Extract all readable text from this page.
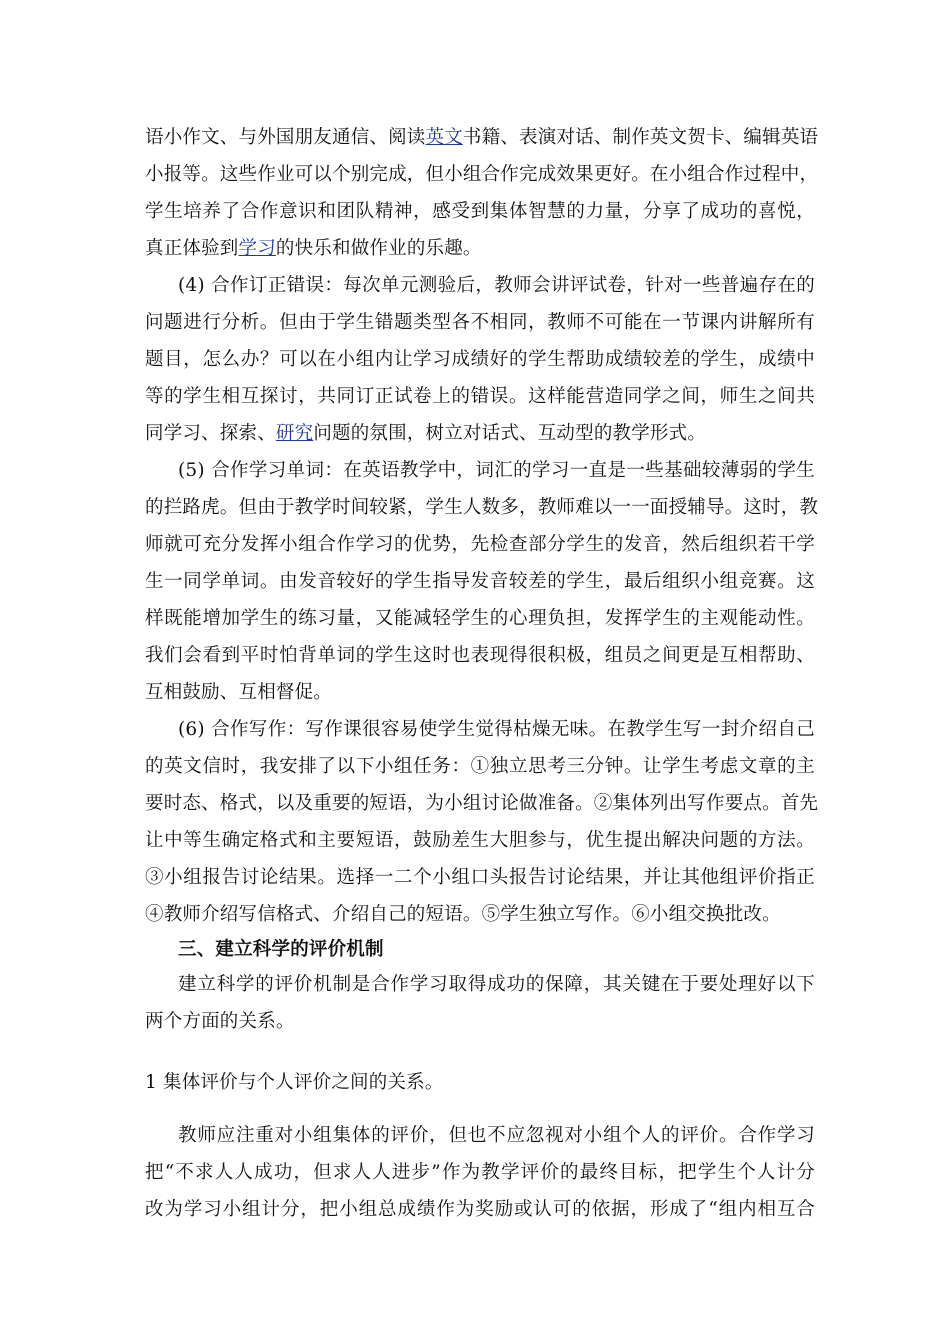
语小作文、与外国朋友通信、阅读英文书籍、表演对话、制作英文贺卡、编辑英语
小报等。这些作业可以个别完成，但小组合作完成效果更好。在小组合作过程中，
学生培养了合作意识和团队精神，感受到集体智慧的力量，分享了成功的喜悦，
真正体验到学习的快乐和做作业的乐趣。
(4) 合作订正错误：每次单元测验后，教师会讲评试卷，针对一些普遍存在的
问题进行分析。但由于学生错题类型各不相同，教师不可能在一节课内讲解所有
题目，怎么办？可以在小组内让学习成绩好的学生帮助成绩较差的学生，成绩中
等的学生相互探讨，共同订正试卷上的错误。这样能营造同学之间，师生之间共
同学习、探索、研究问题的氛围，树立对话式、互动型的教学形式。
(5) 合作学习单词：在英语教学中，词汇的学习一直是一些基础较薄弱的学生
的拦路虎。但由于教学时间较紧，学生人数多，教师难以一一面授辅导。这时，教
师就可充分发挥小组合作学习的优势，先检查部分学生的发音，然后组织若干学
生一同学单词。由发音较好的学生指导发音较差的学生，最后组织小组竞赛。这
样既能增加学生的练习量，又能减轻学生的心理负担，发挥学生的主观能动性。
我们会看到平时怕背单词的学生这时也表现得很积极，组员之间更是互相帮助、
互相鼓励、互相督促。
(6) 合作写作：写作课很容易使学生觉得枯燥无味。在教学生写一封介绍自己
的英文信时，我安排了以下小组任务：①独立思考三分钟。让学生考虑文章的主
要时态、格式，以及重要的短语，为小组讨论做准备。②集体列出写作要点。首先
让中等生确定格式和主要短语，鼓励差生大胆参与，优生提出解决问题的方法。
③小组报告讨论结果。选择一二个小组口头报告讨论结果，并让其他组评价指正
④教师介绍写信格式、介绍自己的短语。⑤学生独立写作。⑥小组交换批改。
三、建立科学的评价机制
建立科学的评价机制是合作学习取得成功的保障，其关键在于要处理好以下
两个方面的关系。
1 集体评价与个人评价之间的关系。
教师应注重对小组集体的评价，但也不应忽视对小组个人的评价。合作学习
把“不求人人成功，但求人人进步”作为教学评价的最终目标，把学生个人计分
改为学习小组计分，把小组总成绩作为奖励或认可的依据，形成了“组内相互合
